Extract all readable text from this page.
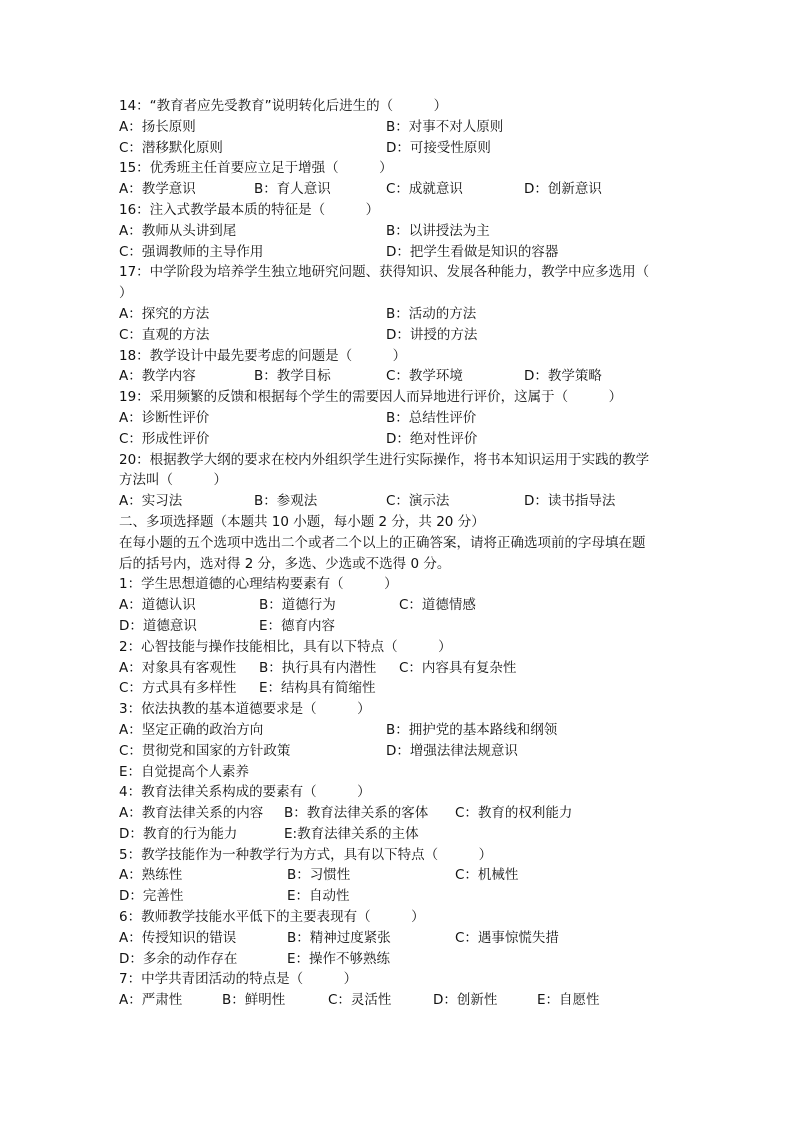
14：“教育者应先受教育”说明转化后进生的（　　　）
A：扬长原则	B：对事不对人原则
C：潜移默化原则	D：可接受性原则
15：优秀班主任首要应立足于增强（　　　）
A：教学意识	B：育人意识	C：成就意识	D：创新意识
16：注入式教学最本质的特征是（　　　）
A：教师从头讲到尾	B：以讲授法为主
C：强调教师的主导作用	D：把学生看做是知识的容器
17：中学阶段为培养学生独立地研究问题、获得知识、发展各种能力，教学中应多选用（
）
A：探究的方法	B：活动的方法
C：直观的方法	D：讲授的方法
18：教学设计中最先要考虑的问题是（　　　）
A：教学内容	B：教学目标	C：教学环境	D：教学策略
19：采用频繁的反馈和根据每个学生的需要因人而异地进行评价，这属于（　　　）
A：诊断性评价	B：总结性评价
C：形成性评价	D：绝对性评价
20：根据教学大纲的要求在校内外组织学生进行实际操作，将书本知识运用于实践的教学
方法叫（　　　）
A：实习法	B：参观法	C：演示法	D：读书指导法
二、多项选择题（本题共 10 小题，每小题 2 分，共 20 分）
在每小题的五个选项中选出二个或者二个以上的正确答案，请将正确选项前的字母填在题
后的括号内，选对得 2 分，多选、少选或不选得 0 分。
1：学生思想道德的心理结构要素有（　　　）
A：道德认识	B：道德行为	C：道德情感
D：道德意识	E：德育内容
2：心智技能与操作技能相比，具有以下特点（　　　）
A：对象具有客观性 B：执行具有内潜性 C：内容具有复杂性
C：方式具有多样性 E：结构具有简缩性
3：依法执教的基本道德要求是（　　　）
A：坚定正确的政治方向	B：拥护党的基本路线和纲领
C：贯彻党和国家的方针政策	D：增强法律法规意识
E：自觉提高个人素养
4：教育法律关系构成的要素有（　　　）
A：教育法律关系的内容 B：教育法律关系的客体 C：教育的权利能力
D：教育的行为能力	E:教育法律关系的主体
5：教学技能作为一种教学行为方式，具有以下特点（　　　）
A：熟练性	B：习惯性	C：机械性
D：完善性	E：自动性
6：教师教学技能水平低下的主要表现有（　　　）
A：传授知识的错误	B：精神过度紧张	C：遇事惊慌失措
D：多余的动作存在	E：操作不够熟练
7：中学共青团活动的特点是（　　　）
A：严肃性	B：鲜明性	C：灵活性	D：创新性	E：自愿性
